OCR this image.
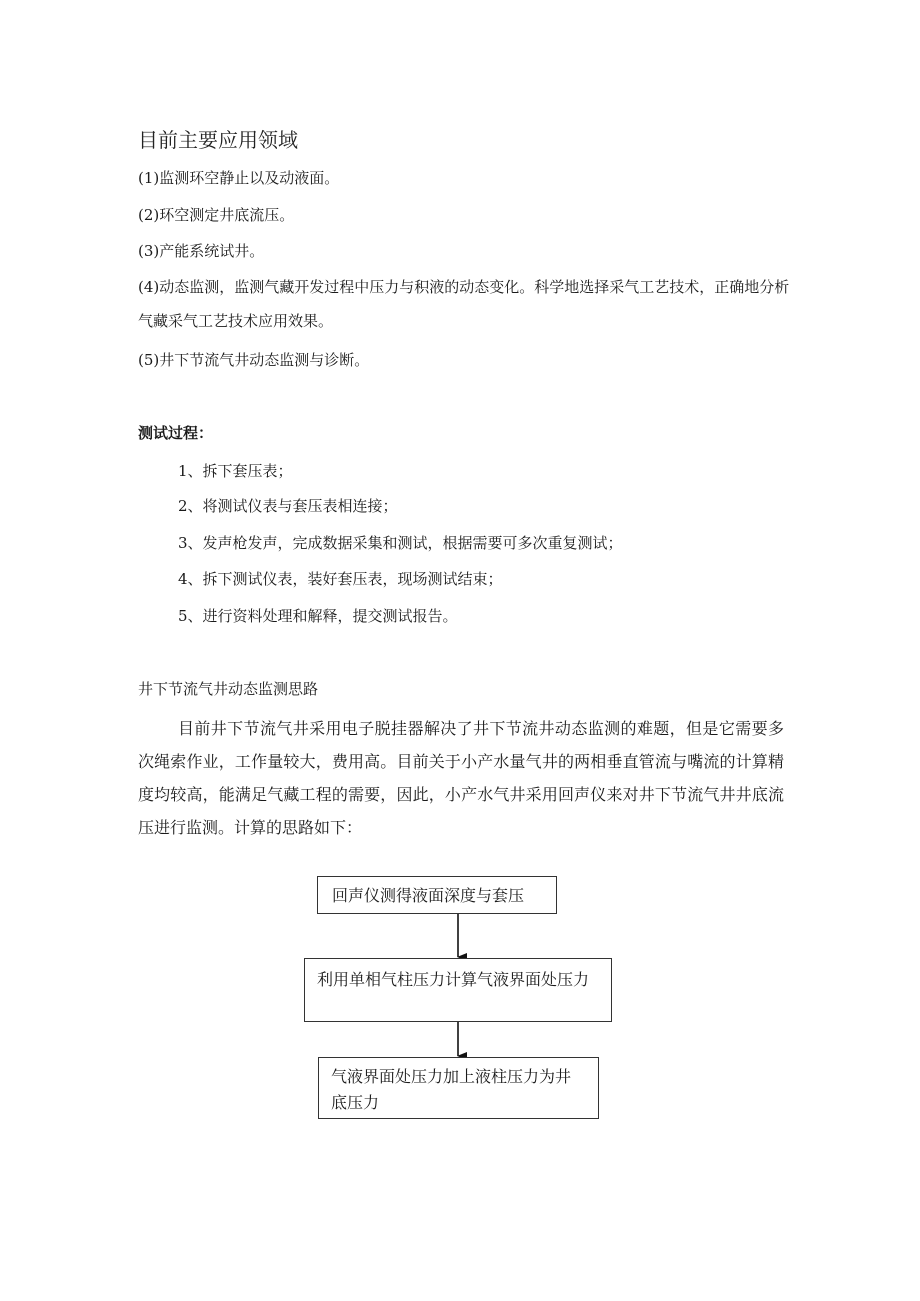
目前主要应用领域
(1)监测环空静止以及动液面。
(2)环空测定井底流压。
(3)产能系统试井。
(4)动态监测，监测气藏开发过程中压力与积液的动态变化。科学地选择采气工艺技术，正确地分析气藏采气工艺技术应用效果。
(5)井下节流气井动态监测与诊断。
测试过程：
1、拆下套压表；
2、将测试仪表与套压表相连接；
3、发声枪发声，完成数据采集和测试，根据需要可多次重复测试；
4、拆下测试仪表，装好套压表，现场测试结束；
5、进行资料处理和解释，提交测试报告。
井下节流气井动态监测思路
目前井下节流气井采用电子脱挂器解决了井下节流井动态监测的难题，但是它需要多次绳索作业，工作量较大，费用高。目前关于小产水量气井的两相垂直管流与嘴流的计算精度均较高，能满足气藏工程的需要，因此，小产水气井采用回声仪来对井下节流气井井底流压进行监测。计算的思路如下：
回声仪测得液面深度与套压
利用单相气柱压力计算气液界面处压力
气液界面处压力加上液柱压力为井底压力
